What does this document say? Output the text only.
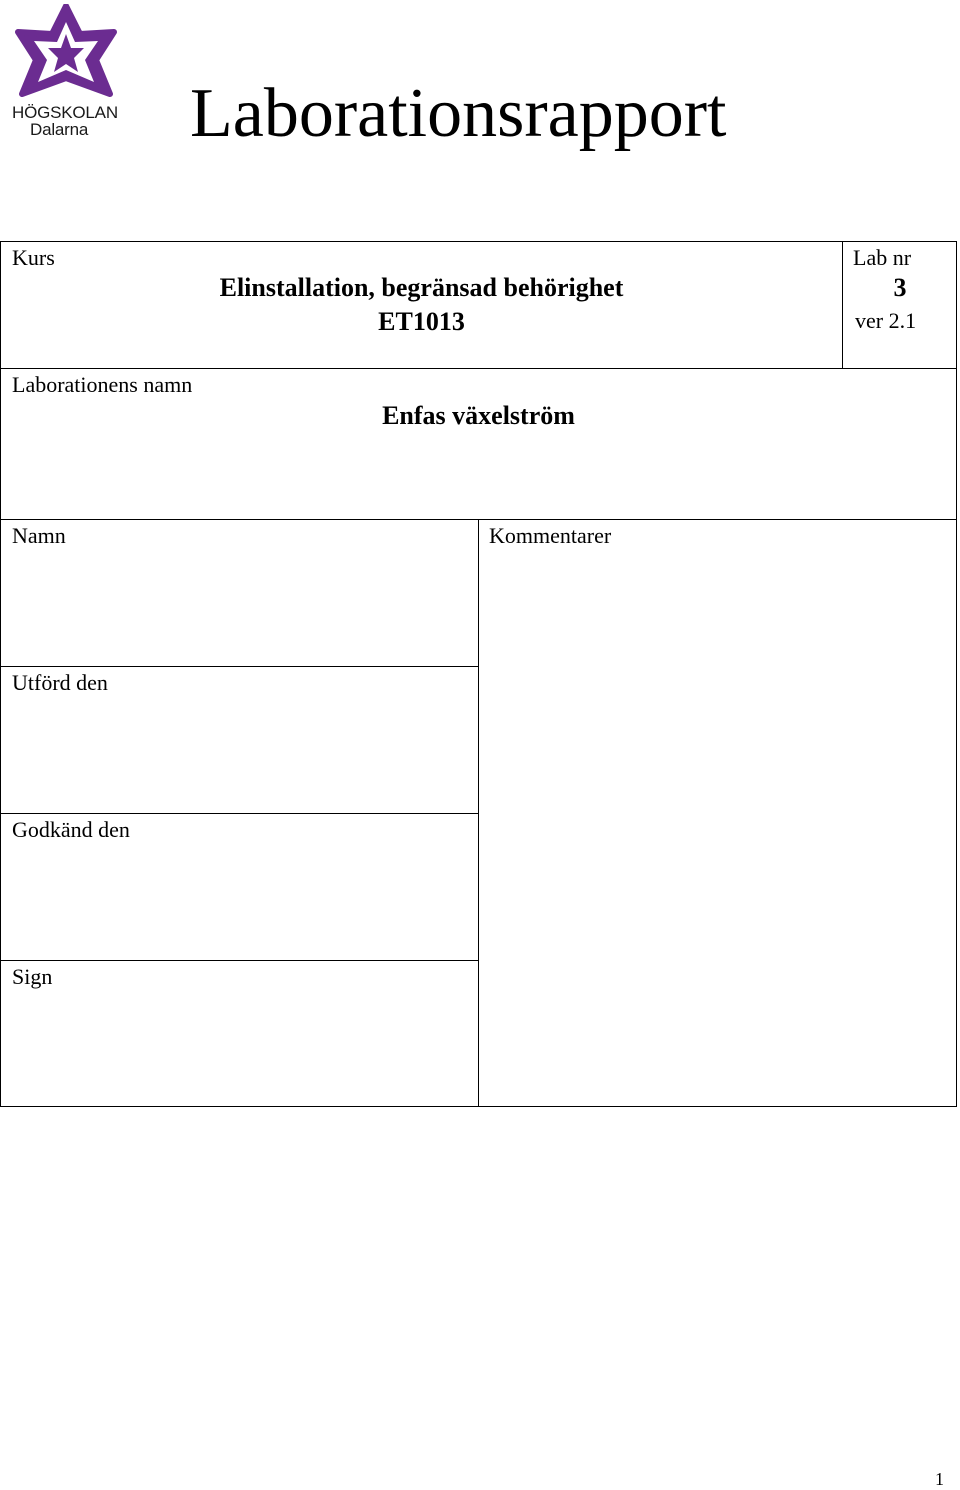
HÖGSKOLAN
Dalarna	Laborationsrapport
Kurs
Elinstallation, begränsad behörighet
ET1013
Lab nr
3
ver 2.1
Laborationens namn
Enfas växelström
Namn
Utförd den
Godkänd den
Sign
Kommentarer
1
